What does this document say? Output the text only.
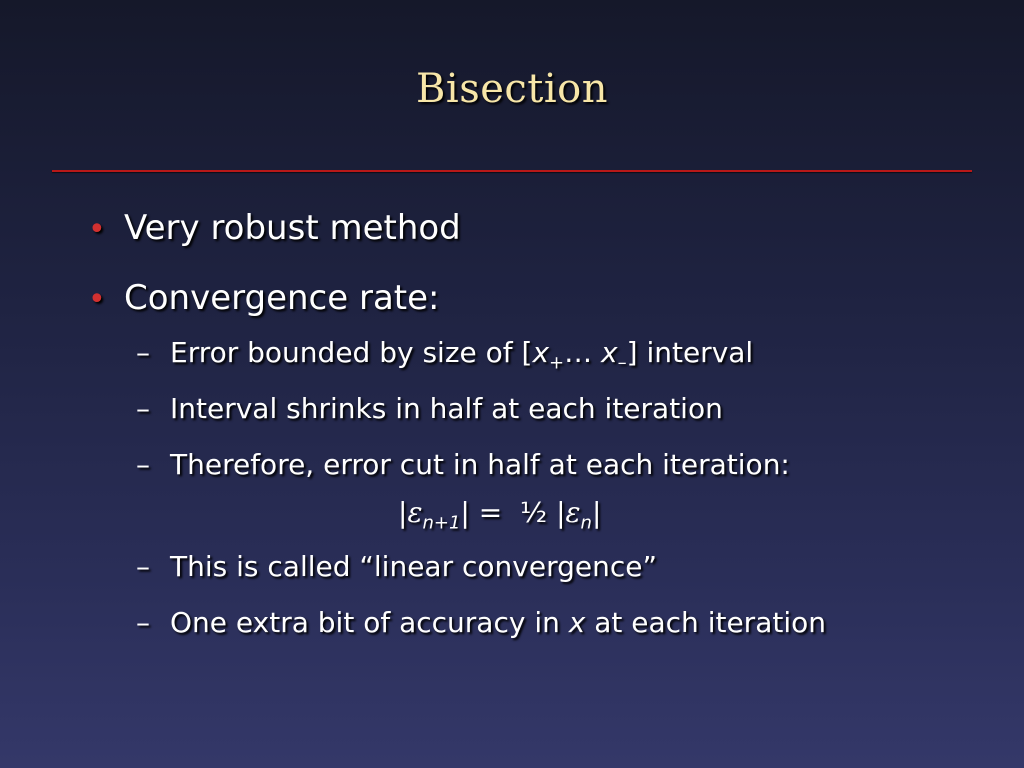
Bisection
• Very robust method
• Convergence rate:
– Error bounded by size of [$x_+\dots$ $x_-$] interval
– Interval shrinks in half at each iteration
– Therefore, error cut in half at each iteration:
$|\varepsilon_{n+1}|$ =  ½ $|\varepsilon_n|$
– This is called “linear convergence”
– One extra bit of accuracy in x at each iteration
